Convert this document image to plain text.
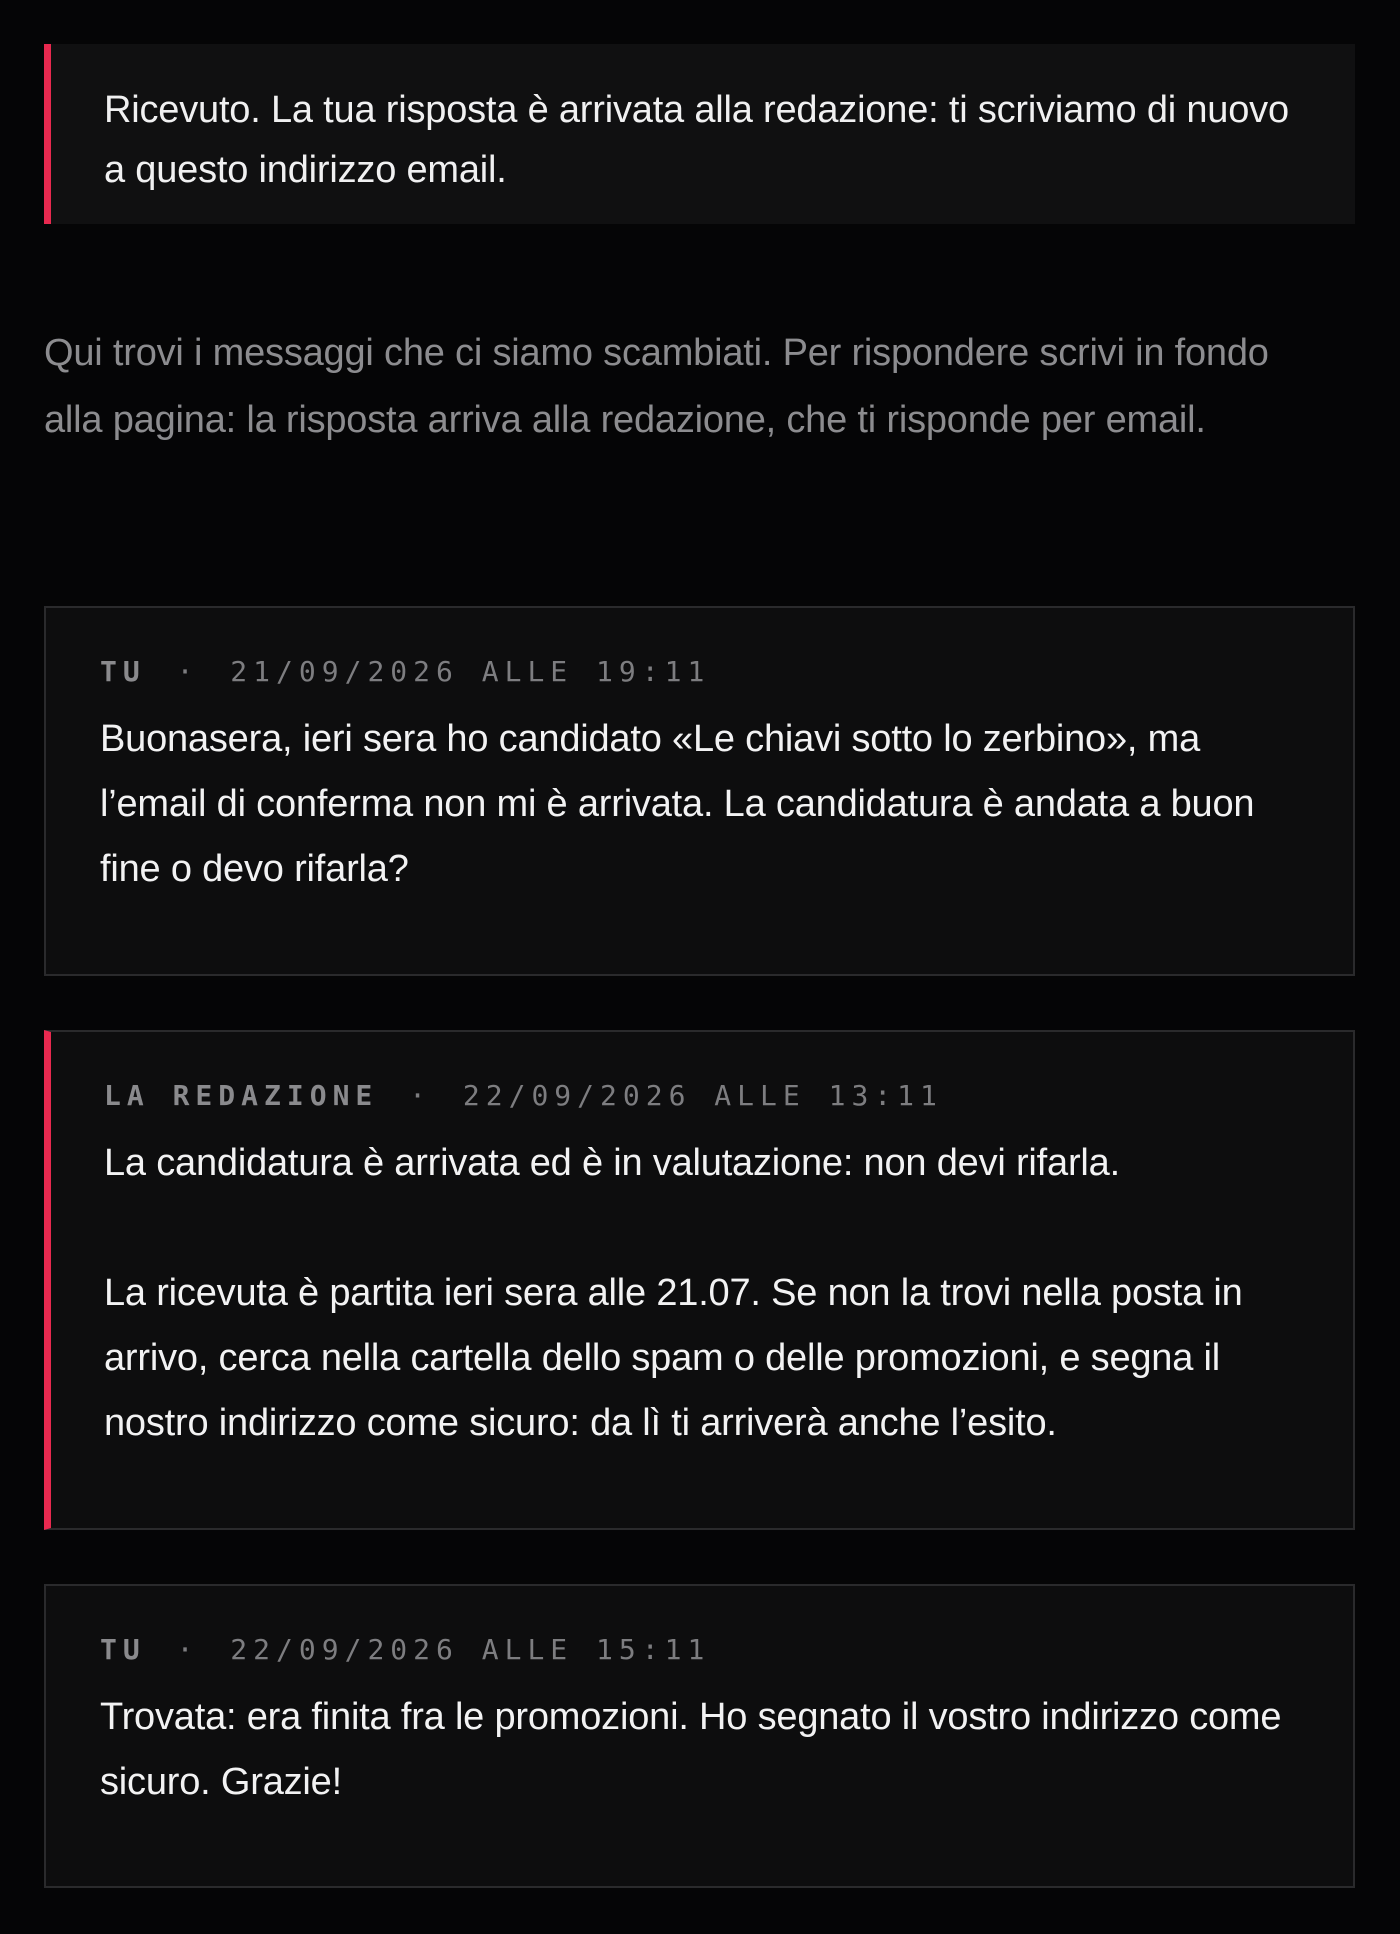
Ricevuto. La tua risposta è arrivata alla redazione: ti scriviamo di nuovo a questo indirizzo email.

Qui trovi i messaggi che ci siamo scambiati. Per rispondere scrivi in fondo alla pagina: la risposta arriva alla redazione, che ti risponde per email.

TU · 21/09/2026 ALLE 19:11

Buonasera, ieri sera ho candidato «Le chiavi sotto lo zerbino», ma l’email di conferma non mi è arrivata. La candidatura è andata a buon fine o devo rifarla?

LA REDAZIONE · 22/09/2026 ALLE 13:11

La candidatura è arrivata ed è in valutazione: non devi rifarla.

La ricevuta è partita ieri sera alle 21.07. Se non la trovi nella posta in arrivo, cerca nella cartella dello spam o delle promozioni, e segna il nostro indirizzo come sicuro: da lì ti arriverà anche l’esito.

TU · 22/09/2026 ALLE 15:11

Trovata: era finita fra le promozioni. Ho segnato il vostro indirizzo come sicuro. Grazie!
